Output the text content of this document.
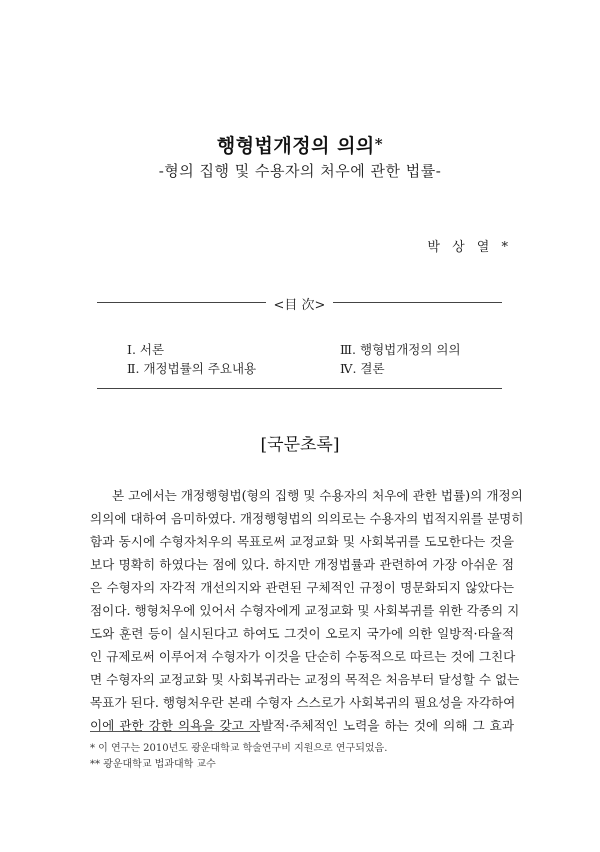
행형법개정의 의의*
-형의 집행 및 수용자의 처우에 관한 법률-
박 상 열 *
<目 次>
Ⅰ. 서론
Ⅱ. 개정법률의 주요내용
Ⅲ. 행형법개정의 의의
Ⅳ. 결론
[국문초록]

본 고에서는 개정행형법(형의 집행 및 수용자의 처우에 관한 법률)의 개정의

의의에 대하여 음미하였다. 개정행형법의 의의로는 수용자의 법적지위를 분명히

함과 동시에 수형자처우의 목표로써 교정교화 및 사회복귀를 도모한다는 것을

보다 명확히 하였다는 점에 있다. 하지만 개정법률과 관련하여 가장 아쉬운 점

은 수형자의 자각적 개선의지와 관련된 구체적인 규정이 명문화되지 않았다는

점이다. 행형처우에 있어서 수형자에게 교정교화 및 사회복귀를 위한 각종의 지

도와 훈련 등이 실시된다고 하여도 그것이 오로지 국가에 의한 일방적·타율적

인 규제로써 이루어져 수형자가 이것을 단순히 수동적으로 따르는 것에 그친다

면 수형자의 교정교화 및 사회복귀라는 교정의 목적은 처음부터 달성할 수 없는

목표가 된다. 행형처우란 본래 수형자 스스로가 사회복귀의 필요성을 자각하여

이에 관한 강한 의욕을 갖고 자발적·주체적인 노력을 하는 것에 의해 그 효과

* 이 연구는 2010년도 광운대학교 학술연구비 지원으로 연구되었음.
** 광운대학교 법과대학 교수
